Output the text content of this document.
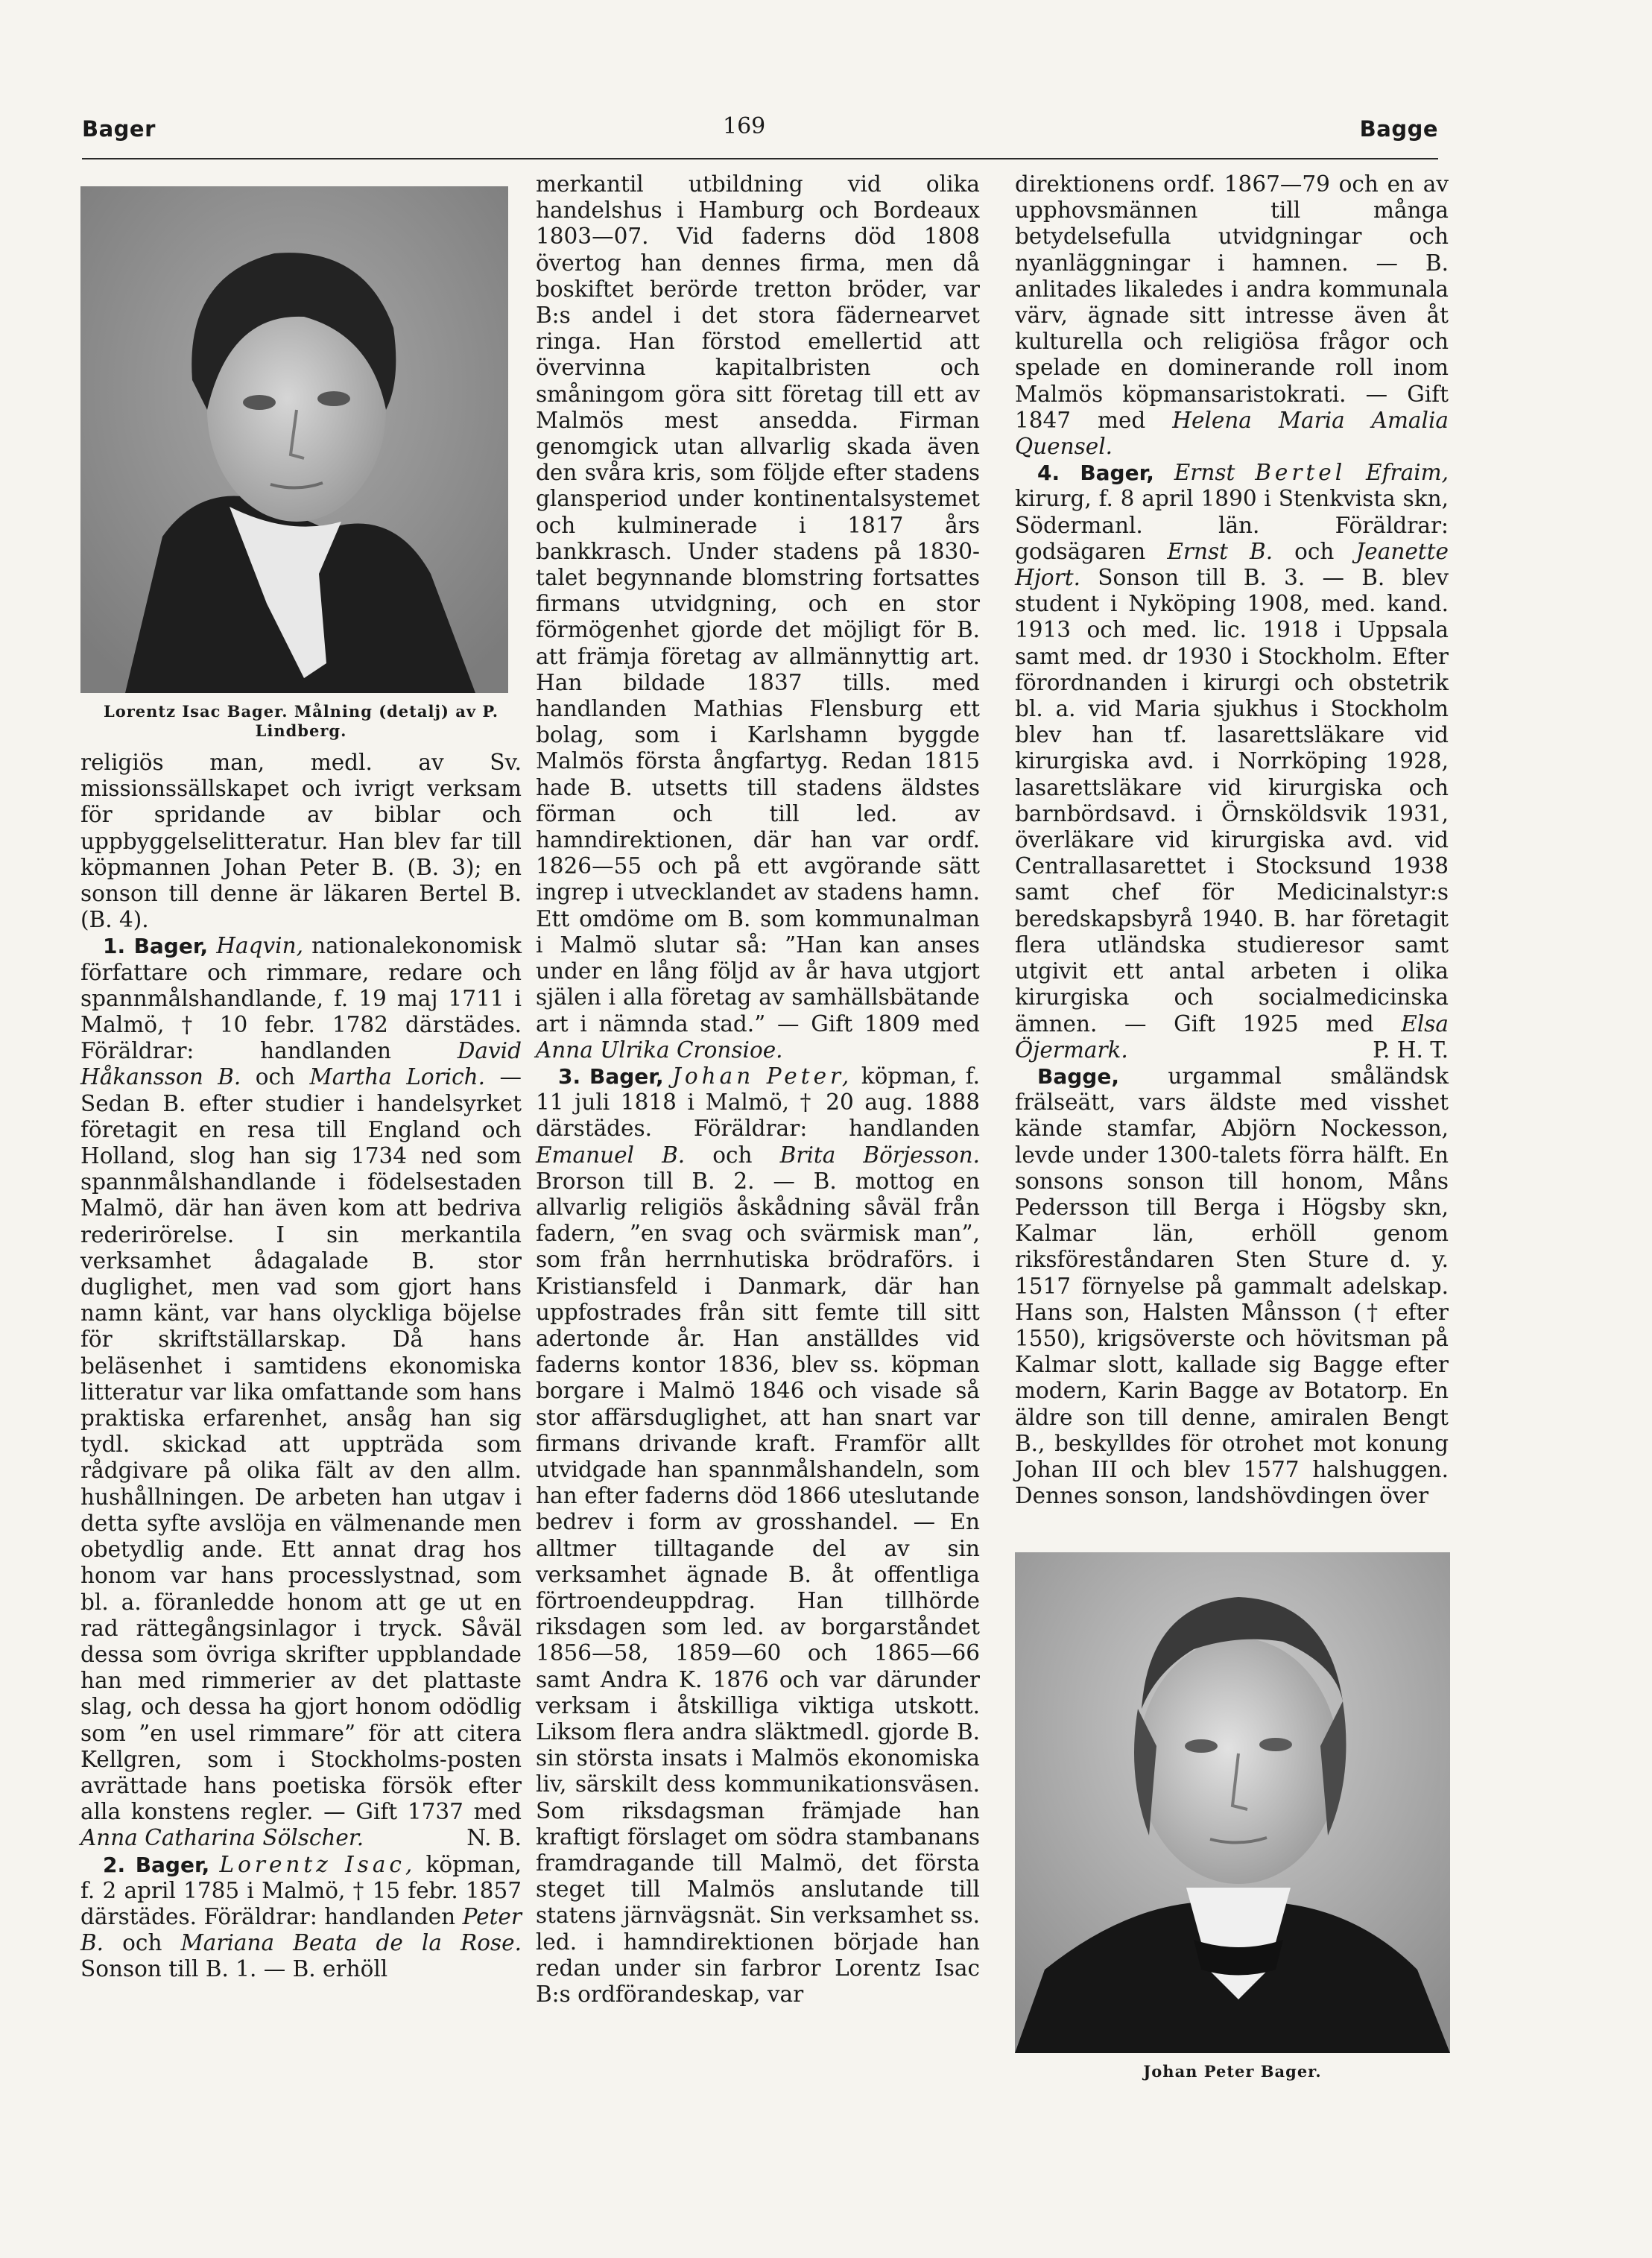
Bager	169	Bagge
Lorentz Isac Bager. Målning (detalj) av P. Lindberg.

religiös man, medl. av Sv. missionssällskapet och ivrigt verksam för spridande av biblar och uppbyggelselitteratur. Han blev far till köpmannen Johan Peter B. (B. 3); en sonson till denne är läkaren Bertel B. (B. 4).

1. Bager, Haqvin, nationalekonomisk författare och rimmare, redare och spannmålshandlande, f. 19 maj 1711 i Malmö, † 10 febr. 1782 därstädes. Föräldrar: handlanden	David Håkansson B. och Martha Lorich. — Sedan B. efter studier i handelsyrket företagit en resa till England och Holland, slog han sig 1734 ned som spannmålshandlande i födelsestaden Malmö, där han även kom att bedriva rederirörelse. I sin merkantila verksamhet ådagalade B. stor duglighet, men vad som gjort hans namn känt, var hans olyckliga böjelse för skriftställarskap. Då hans beläsenhet i samtidens ekonomiska litteratur var lika omfattande som hans praktiska erfarenhet, ansåg han sig tydl. skickad att uppträda som rådgivare på olika fält av den allm. hushållningen. De arbeten han utgav i detta syfte avslöja en välmenande men obetydlig ande. Ett annat drag hos honom var hans processlystnad, som bl. a. föranledde honom att ge ut en rad rättegångsinlagor i tryck. Såväl dessa som övriga skrifter uppblandade han med rimmerier av det plattaste slag, och dessa ha gjort honom odödlig som ”en usel rimmare” för att citera Kellgren, som i Stockholms-posten avrättade hans poetiska försök efter alla konstens regler. — Gift 1737 med Anna Catharina Sölscher.	N. B.

2. Bager, Lorentz Isac, köpman, f. 2 april 1785 i Malmö, † 15 febr. 1857 därstädes. Föräldrar: handlanden Peter B. och Mariana Beata de la Rose. Sonson till B. 1. — B. erhöll

merkantil utbildning vid olika handelshus i Hamburg och Bordeaux 1803—07. Vid faderns död 1808 övertog han dennes firma, men då boskiftet berörde tretton bröder, var B:s andel i det stora fädernearvet ringa. Han förstod emellertid att övervinna kapitalbristen och småningom göra sitt företag till ett av Malmös mest ansedda. Firman genomgick utan allvarlig skada även den svåra kris, som följde efter stadens glansperiod under kontinentalsystemet och kulminerade i 1817 års bankkrasch. Under stadens på 1830-talet begynnande blomstring fortsattes firmans utvidgning, och en stor förmögenhet gjorde det möjligt för B. att främja företag av allmännyttig art. Han bildade 1837 tills. med handlanden Mathias Flensburg ett bolag, som i Karlshamn byggde Malmös första ångfartyg. Redan 1815 hade B. utsetts till stadens äldstes förman och till led. av hamndirektionen, där han var ordf. 1826—55 och på ett avgörande sätt ingrep i utvecklandet av stadens hamn. Ett omdöme om B. som kommunalman i Malmö slutar så: ”Han kan anses under en lång följd av år hava utgjort själen i alla företag av samhällsbätande art i nämnda stad.” — Gift 1809 med Anna Ulrika Cronsioe.

3. Bager, Johan Peter, köpman, f. 11 juli 1818 i Malmö, † 20 aug. 1888 därstädes. Föräldrar: handlanden Emanuel B. och Brita Börjesson. Brorson till B. 2. — B. mottog en allvarlig religiös åskådning såväl från fadern, ”en svag och svärmisk man”, som från herrnhutiska brödraförs. i Kristiansfeld i Danmark, där han uppfostrades från sitt femte till sitt adertonde år. Han anställdes vid faderns kontor 1836, blev ss. köpman borgare i Malmö 1846 och visade så stor affärsduglighet, att han snart var firmans drivande kraft. Framför allt utvidgade han spannmålshandeln, som han efter faderns död 1866 uteslutande bedrev i form av grosshandel. — En alltmer tilltagande del av sin verksamhet ägnade B. åt offentliga förtroendeuppdrag. Han tillhörde riksdagen som led. av borgarståndet 1856—58, 1859—60 och 1865—66 samt Andra K. 1876 och var därunder verksam i åtskilliga viktiga utskott. Liksom flera andra släktmedl. gjorde B. sin största insats i Malmös ekonomiska liv, särskilt dess kommunikationsväsen. Som riksdagsman främjade han kraftigt förslaget om södra stambanans framdragande till Malmö, det första steget till Malmös anslutande till statens järnvägsnät. Sin verksamhet ss. led. i hamndirektionen började han redan under sin farbror Lorentz Isac B:s ordförandeskap, var

direktionens ordf. 1867—79 och en av upphovsmännen till många betydelsefulla utvidgningar och nyanläggningar i hamnen. — B. anlitades likaledes i andra kommunala värv, ägnade sitt intresse även åt kulturella och religiösa frågor och spelade en dominerande roll inom Malmös köpmansaristokrati. — Gift 1847 med Helena Maria Amalia Quensel.

4. Bager, Ernst Bertel Efraim, kirurg, f. 8 april 1890 i Stenkvista skn, Södermanl. län. Föräldrar: godsägaren Ernst B. och Jeanette Hjort. Sonson till B. 3. — B. blev student i Nyköping 1908, med. kand. 1913 och med. lic. 1918 i Uppsala samt med. dr 1930 i Stockholm. Efter förordnanden i kirurgi och obstetrik bl. a. vid Maria sjukhus i Stockholm blev han tf. lasarettsläkare vid kirurgiska avd. i Norrköping 1928, lasarettsläkare vid kirurgiska och barnbördsavd. i Örnsköldsvik 1931, överläkare vid kirurgiska avd. vid Centrallasarettet i Stocksund 1938 samt chef för Medicinalstyr:s beredskapsbyrå 1940. B. har företagit flera utländska studieresor samt utgivit ett antal arbeten i olika kirurgiska och socialmedicinska ämnen. — Gift 1925 med Elsa Öjermark.	P. H. T.

Bagge, urgammal småländsk frälseätt, vars äldste med visshet kände stamfar, Abjörn Nockesson, levde under 1300-talets förra hälft. En sonsons sonson till honom, Måns Pedersson till Berga i Högsby skn, Kalmar län, erhöll genom riksföreståndaren Sten Sture d. y. 1517 förnyelse på gammalt adelskap. Hans son, Halsten Månsson († efter 1550), krigsöverste och hövitsman på Kalmar slott, kallade sig Bagge efter modern, Karin Bagge av Botatorp. En äldre son till denne, amiralen Bengt B., beskylldes för otrohet mot konung Johan III och blev 1577 halshuggen. Dennes sonson, landshövdingen över

Johan Peter Bager.
